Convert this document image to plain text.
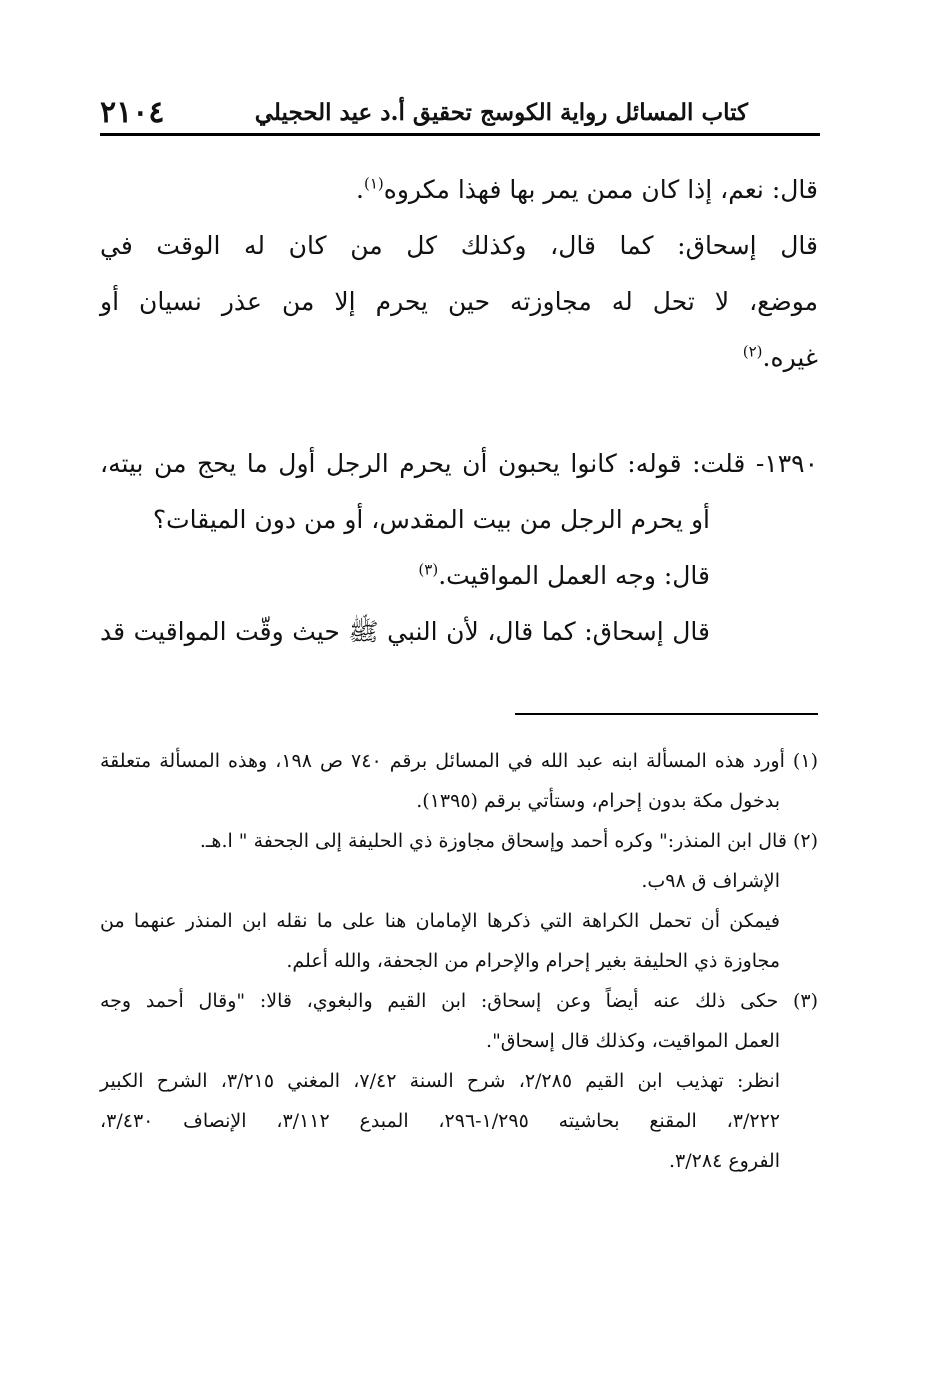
٢١٠٤	كتاب المسائل رواية الكوسج تحقيق أ.د عيد الحجيلي

قال: نعم، إذا كان ممن يمر بها فهذا مكروه$^{(١)}$.

قال إسحاق: كما قال، وكذلك كل من كان له الوقت في

موضع، لا تحل له مجاوزته حين يحرم إلا من عذر نسيان أو

غيره.$^{(٢)}$

١٣٩٠- قلت: قوله: كانوا يحبون أن يحرم الرجل أول ما يحج من بيته،

أو يحرم الرجل من بيت المقدس، أو من دون الميقات؟

قال: وجه العمل المواقيت.$^{(٣)}$

قال إسحاق: كما قال، لأن النبي ﷺ حيث وقّت المواقيت قد

(١) أورد هذه المسألة ابنه عبد الله في المسائل برقم ٧٤٠ ص ١٩٨، وهذه المسألة متعلقة

بدخول مكة بدون إحرام، وستأتي برقم (١٣٩٥).

(٢) قال ابن المنذر:" وكره أحمد وإسحاق مجاوزة ذي الحليفة إلى الجحفة " ا.هـ.

الإشراف ق ٩٨ب.

فيمكن أن تحمل الكراهة التي ذكرها الإمامان هنا على ما نقله ابن المنذر عنهما من

مجاوزة ذي الحليفة بغير إحرام والإحرام من الجحفة، والله أعلم.

(٣) حكى ذلك عنه أيضاً وعن إسحاق: ابن القيم والبغوي، قالا: "وقال أحمد وجه

العمل المواقيت، وكذلك قال إسحاق".

انظر: تهذيب ابن القيم ٢/٢٨٥، شرح السنة ٧/٤٢، المغني ٣/٢١٥، الشرح الكبير

٣/٢٢٢، المقنع بحاشيته ١/٢٩٥-٢٩٦، المبدع ٣/١١٢، الإنصاف ٣/٤٣٠،

الفروع ٣/٢٨٤.
